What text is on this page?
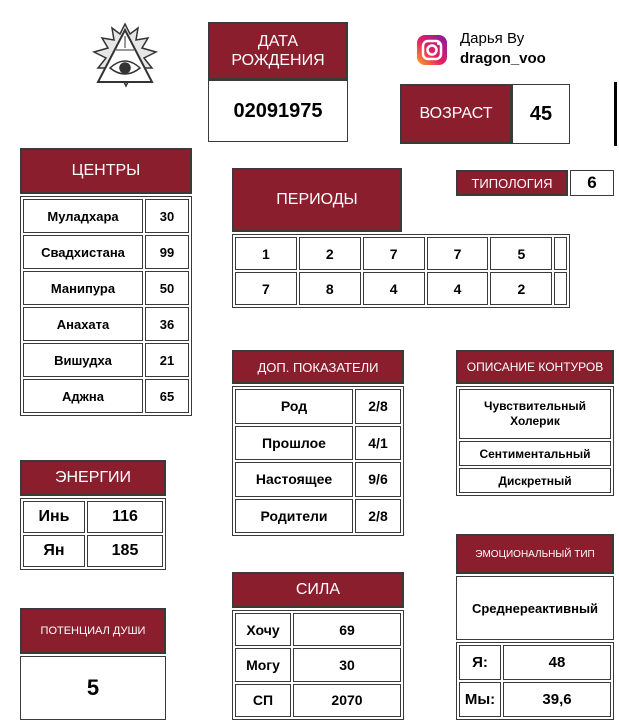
ДАТА РОЖДЕНИЯ
02091975
Дарья Ву
dragon_voo
ВОЗРАСТ 45
ЦЕНТРЫ
Муладхара	30
Свадхистана	99
Манипура	50
Анахата	36
Вишудха	21
Аджна	65
ТИПОЛОГИЯ 6
ПЕРИОДЫ
1	2	7	7	5	
7	8	4	4	2	
ДОП. ПОКАЗАТЕЛИ
Род	2/8
Прошлое	4/1
Настоящее	9/6
Родители	2/8
ОПИСАНИЕ КОНТУРОВ
Чувствительный Холерик
Сентиментальный
Дискретный
ЭНЕРГИИ
Инь	116
Ян	185
СИЛА
Хочу	69
Могу	30
СП	2070
ПОТЕНЦИАЛ ДУШИ
5
ЭМОЦИОНАЛЬНЫЙ ТИП
Среднереактивный
Я:	48
Мы:	39,6
